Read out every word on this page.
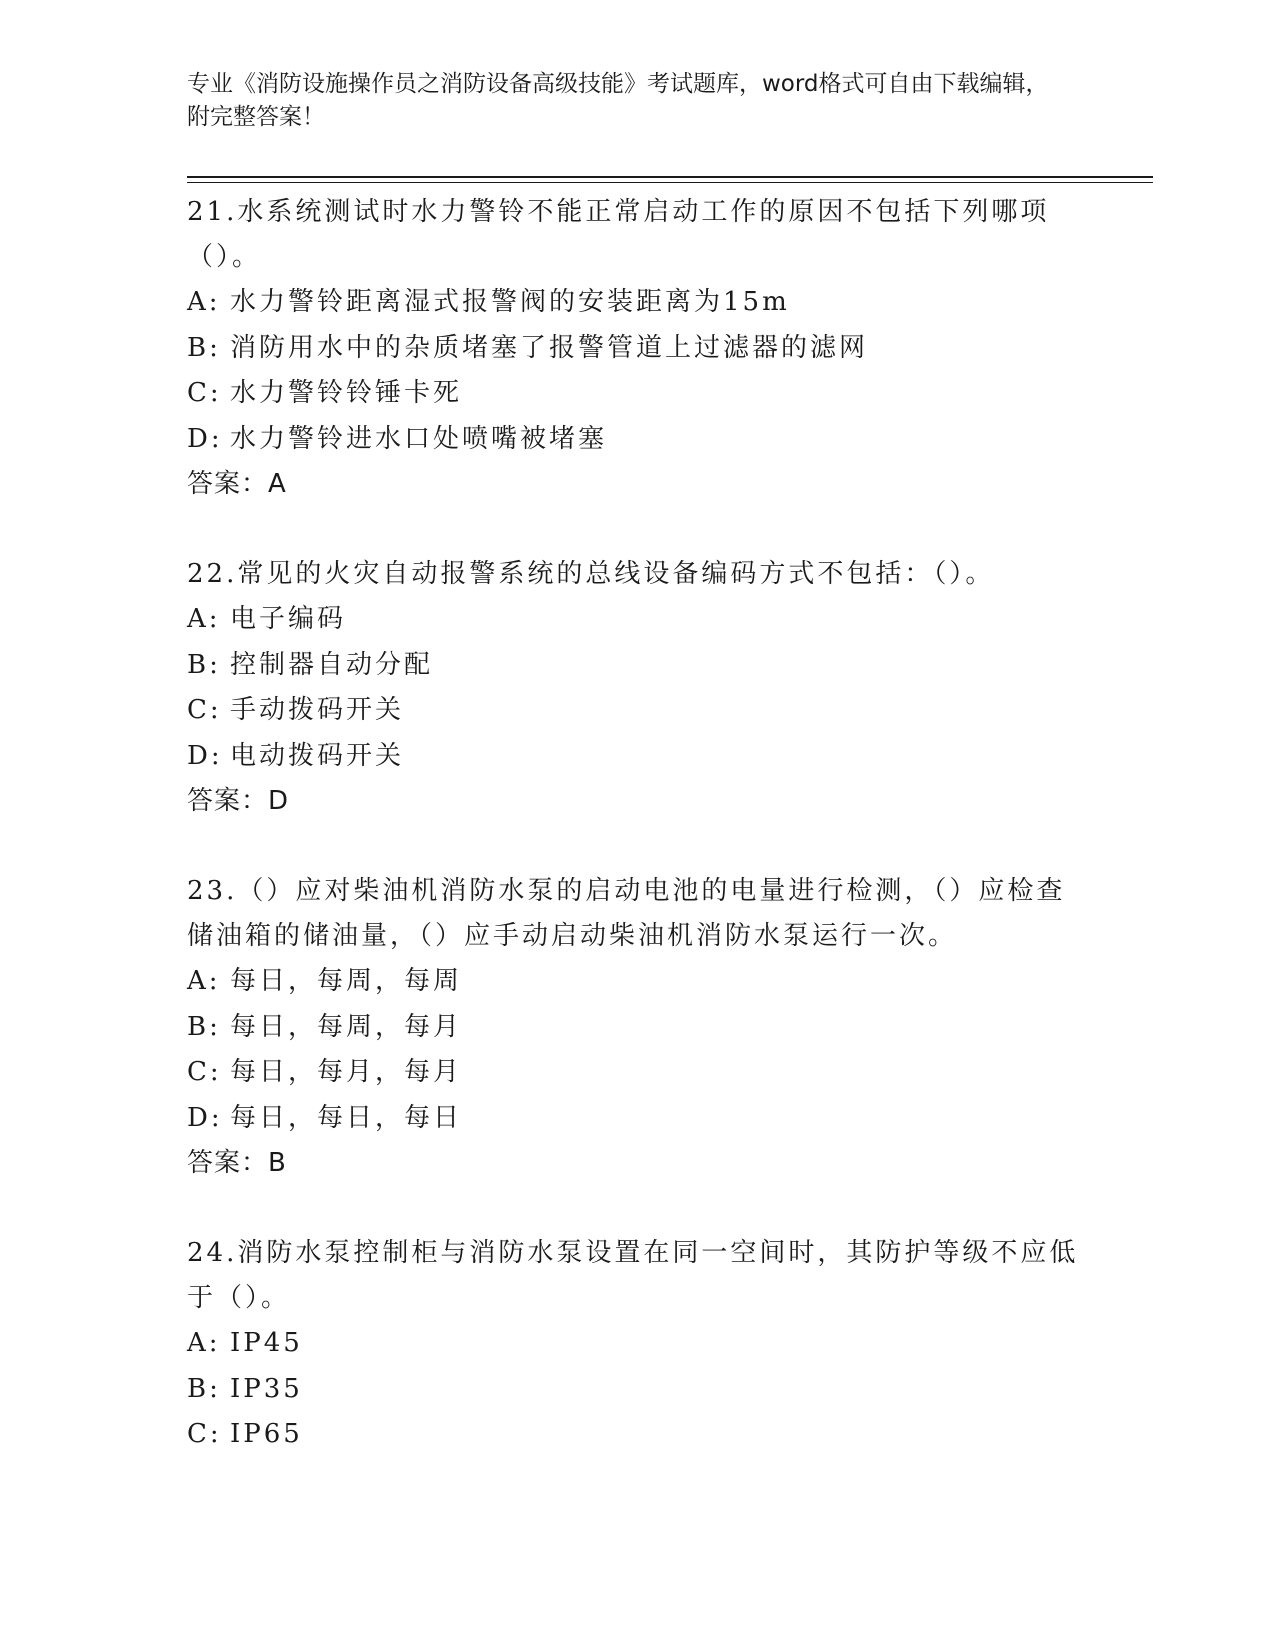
专业《消防设施操作员之消防设备高级技能》考试题库，word格式可自由下载编辑，附完整答案！

21.水系统测试时水力警铃不能正常启动工作的原因不包括下列哪项（）。

A: 水力警铃距离湿式报警阀的安装距离为15m
B: 消防用水中的杂质堵塞了报警管道上过滤器的滤网
C: 水力警铃铃锤卡死
D: 水力警铃进水口处喷嘴被堵塞
答案：A

22.常见的火灾自动报警系统的总线设备编码方式不包括：（）。

A: 电子编码
B: 控制器自动分配
C: 手动拨码开关
D: 电动拨码开关
答案：D

23.（）应对柴油机消防水泵的启动电池的电量进行检测，（）应检查储油箱的储油量，（）应手动启动柴油机消防水泵运行一次。

A: 每日，每周，每周
B: 每日，每周，每月
C: 每日，每月，每月
D: 每日，每日，每日
答案：B

24.消防水泵控制柜与消防水泵设置在同一空间时，其防护等级不应低于（）。

A: IP45
B: IP35
C: IP65
